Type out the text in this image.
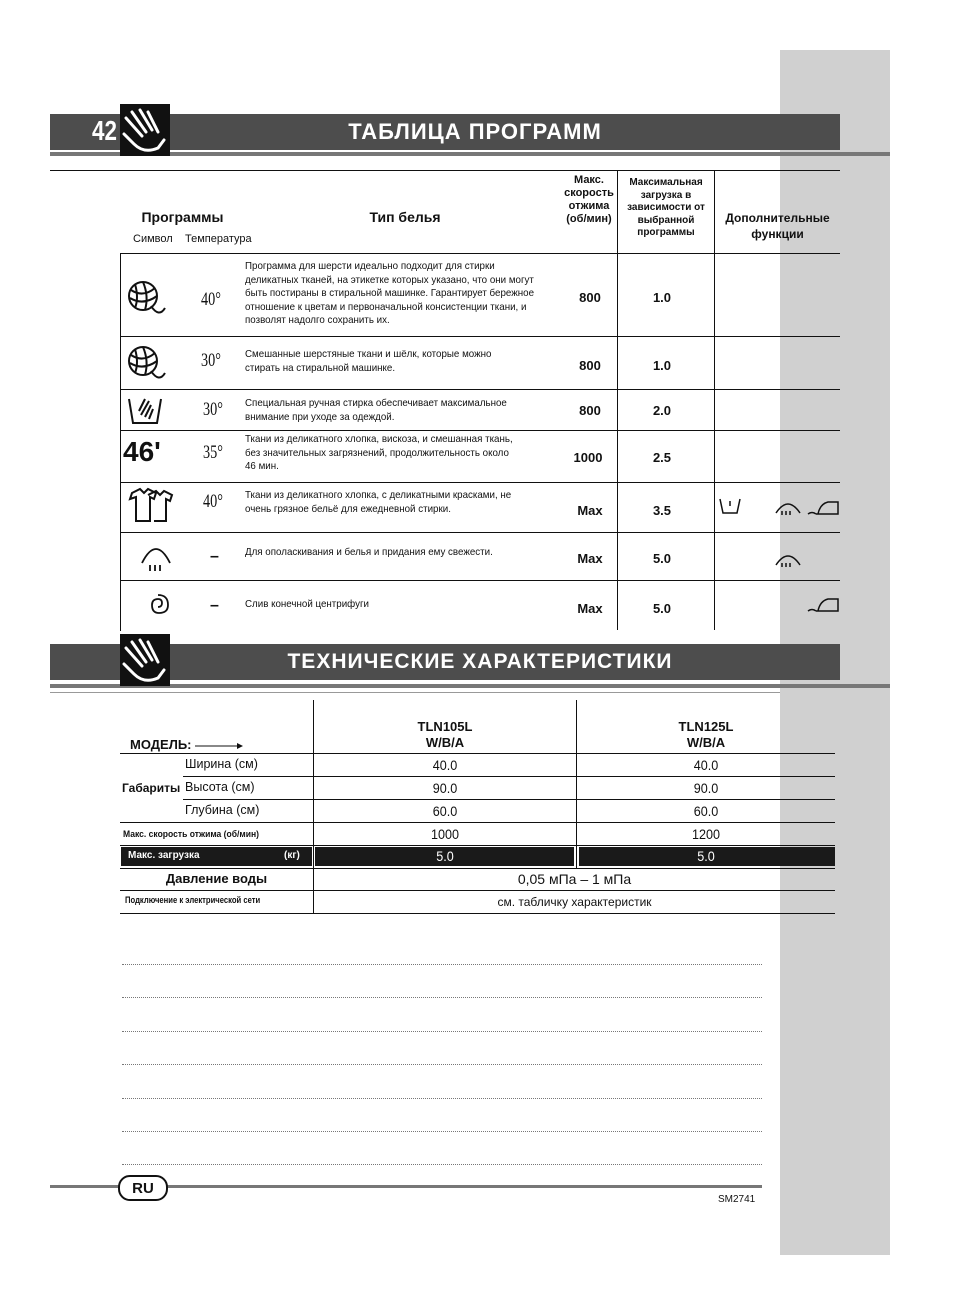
ТАБЛИЦА ПРОГРАММ
42
Программы
Символ Температура
Тип белья
Макс.
скорость
отжима
(об/мин)
Максимальная
загрузка в
зависимости от
выбранной
программы
Дополнительные
функции
40°
Программа для шерсти идеально подходит для стирки
деликатных тканей, на этикетке которых указано, что они могут
быть постираны в стиральной машинке. Гарантирует бережное
отношение к цветам и первоначальной консистенции ткани, и
позволят надолго сохранить их.
800	1.0
30° Смешанные шерстяные ткани и шёлк, которые можно
стирать на стиральной машинке.	800	1.0
30° Специальная ручная стирка обеспечивает максимальное
внимание при уходе за одеждой.	800	2.0
46' 35°
Ткани из деликатного хлопка, вискоза, и смешанная ткань,
без значительных загрязнений, продолжительность около
46 мин.
1000	2.5
40° Ткани из деликатного хлопка, с деликатными красками, не
очень грязное бельё для ежедневной стирки.	Max	3.5
– Для ополаскивания и белья и придания ему свежести.	Max	5.0
– Слив конечной центрифуги	Max	5.0
ТЕХНИЧЕСКИЕ ХАРАКТЕРИСТИКИ
МОДЕЛЬ:
TLN105L
W/B/A
TLN125L
W/B/A
Габариты
Ширина (см)	40.0	40.0
Высота (см)	90.0	90.0
Глубина (см)	60.0	60.0
Макс. скорость отжима (об/мин)	1000	1200
Макс. загрузка	(кг)	5.0	5.0
Давление воды	0,05 мПа – 1 мПа
Подключение к электрической сети	см. табличку характеристик
RU
SM2741
